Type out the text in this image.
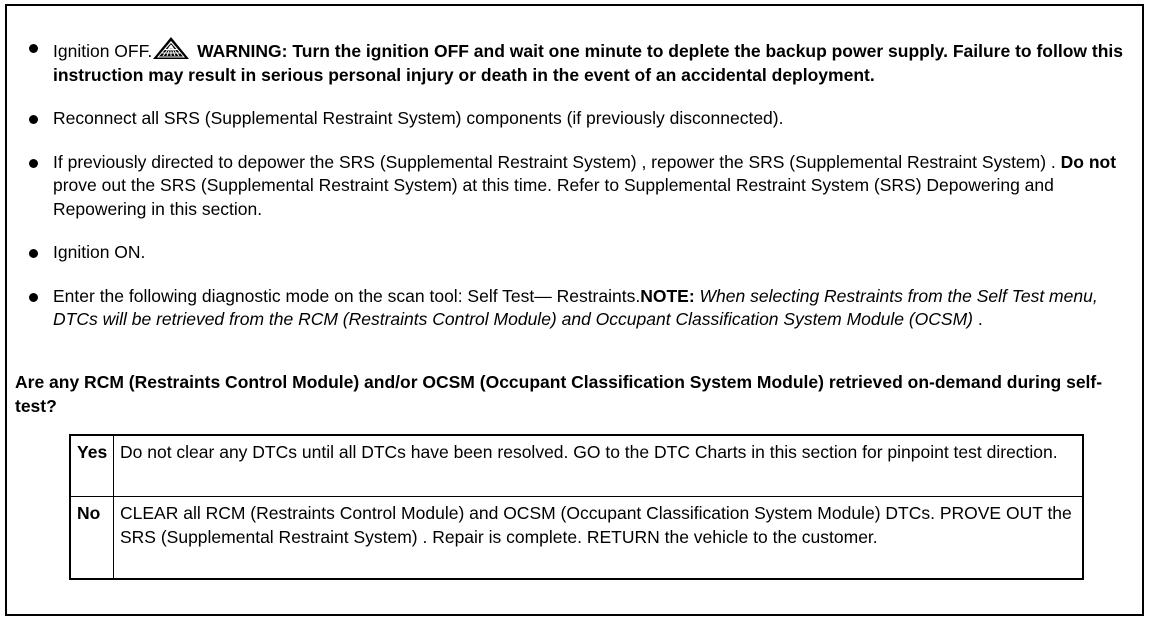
Ignition OFF.	WARNING: Turn the ignition OFF and wait one minute to deplete the backup power supply. Failure to follow this instruction may result in serious personal injury or death in the event of an accidental deployment.
Reconnect all SRS (Supplemental Restraint System) components (if previously disconnected).
If previously directed to depower the SRS (Supplemental Restraint System) , repower the SRS (Supplemental Restraint System) . Do not prove out the SRS (Supplemental Restraint System) at this time. Refer to Supplemental Restraint System (SRS) Depowering and Repowering in this section.
Ignition ON.
Enter the following diagnostic mode on the scan tool: Self Test— Restraints.NOTE: When selecting Restraints from the Self Test menu, DTCs will be retrieved from the RCM (Restraints Control Module) and Occupant Classification System Module (OCSM) .
Are any RCM (Restraints Control Module) and/or OCSM (Occupant Classification System Module) retrieved on-demand during self-test?
Yes	Do not clear any DTCs until all DTCs have been resolved. GO to the DTC Charts in this section for pinpoint test direction.
No	CLEAR all RCM (Restraints Control Module) and OCSM (Occupant Classification System Module) DTCs. PROVE OUT the SRS (Supplemental Restraint System) . Repair is complete. RETURN the vehicle to the customer.
